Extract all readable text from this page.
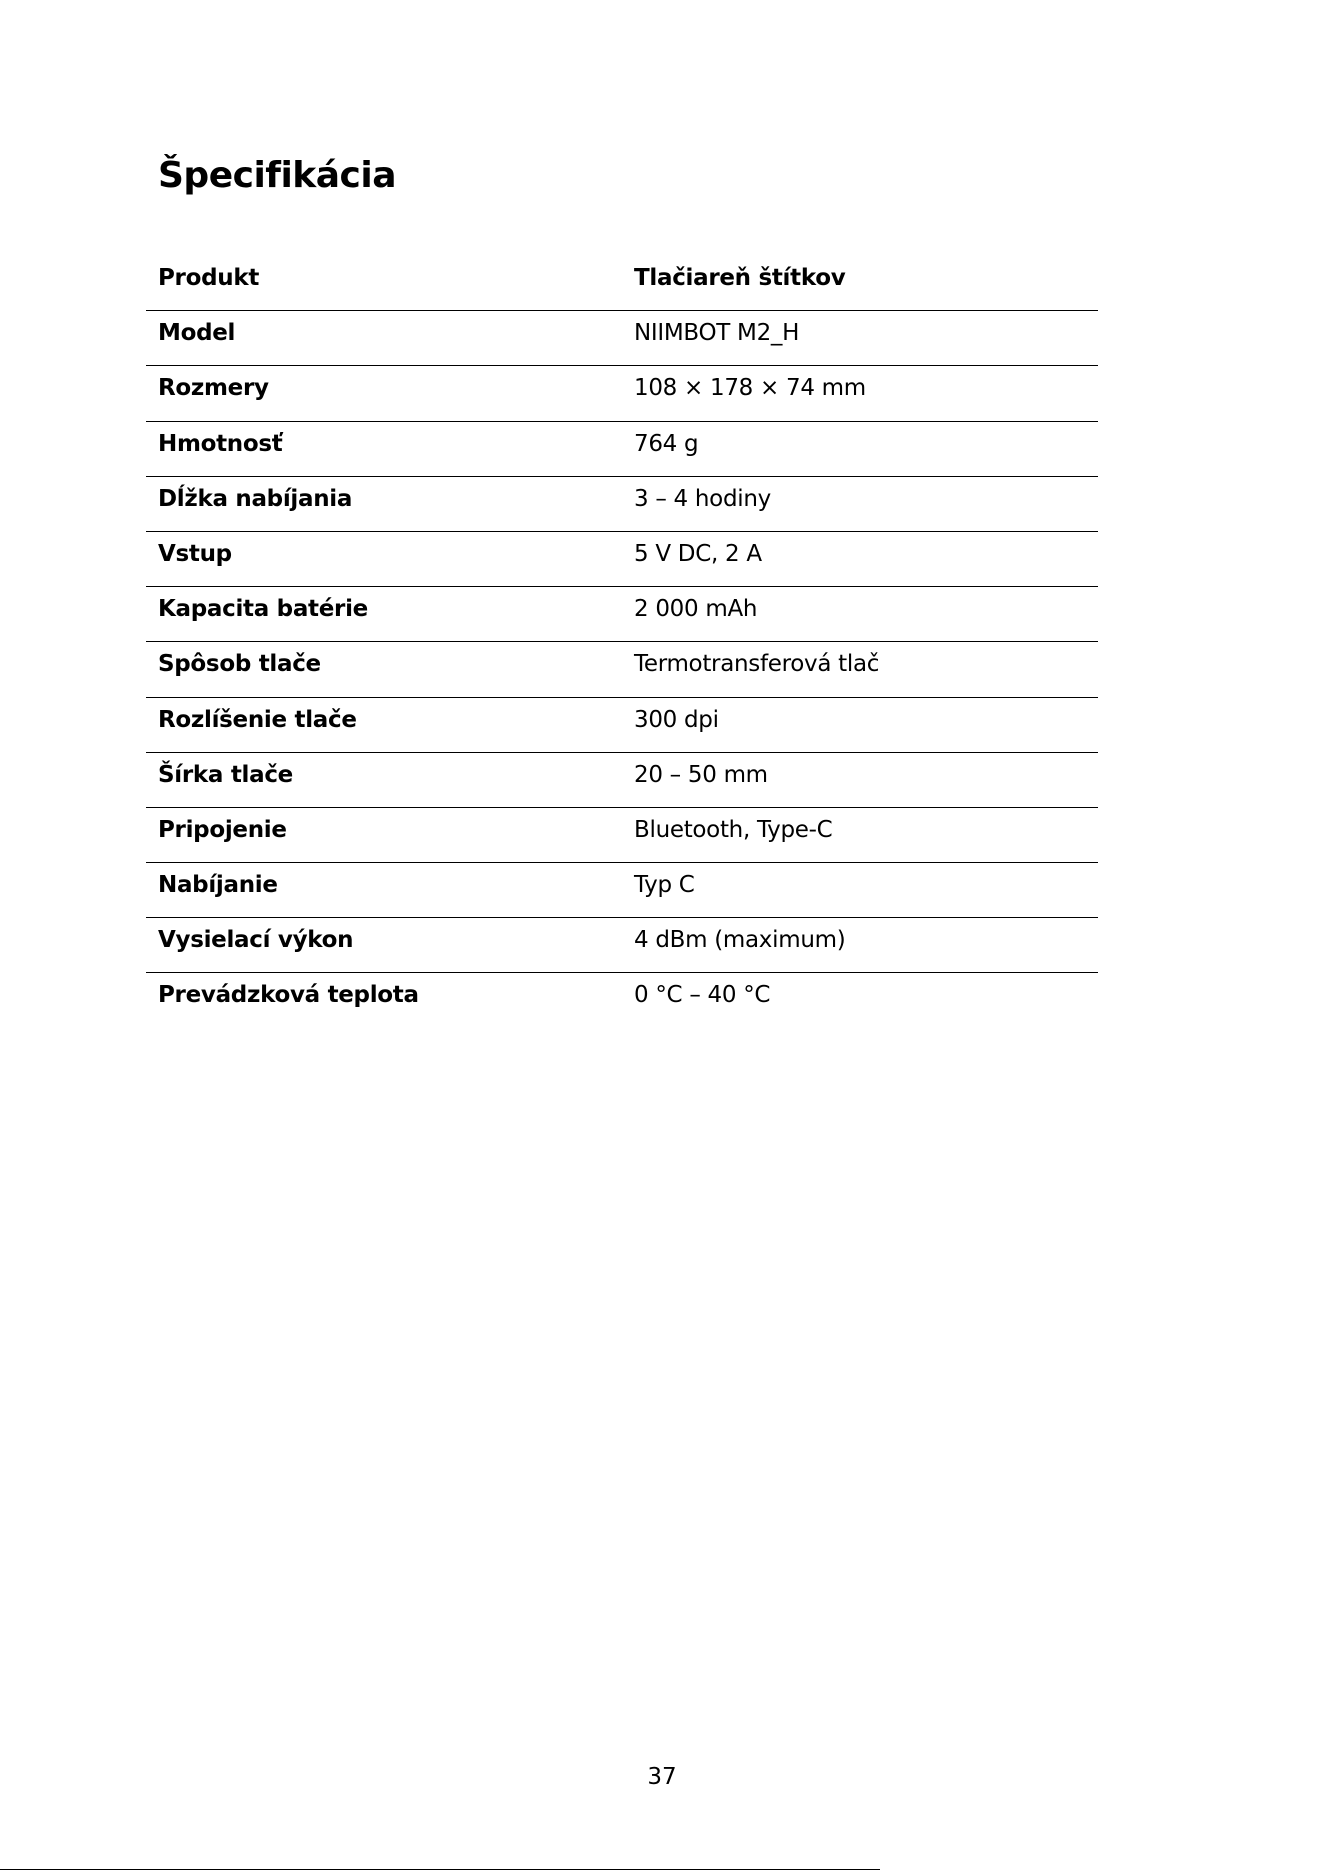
Špecifikácia
Produkt	Tlačiareň štítkov
Model	NIIMBOT M2_H
Rozmery	108 × 178 × 74 mm
Hmotnosť	764 g
Dĺžka nabíjania	3 – 4 hodiny
Vstup	5 V DC, 2 A
Kapacita batérie	2 000 mAh
Spôsob tlače	Termotransferová tlač
Rozlíšenie tlače	300 dpi
Šírka tlače	20 – 50 mm
Pripojenie	Bluetooth, Type-C
Nabíjanie	Typ C
Vysielací výkon	4 dBm (maximum)
Prevádzková teplota	0 °C – 40 °C
37
